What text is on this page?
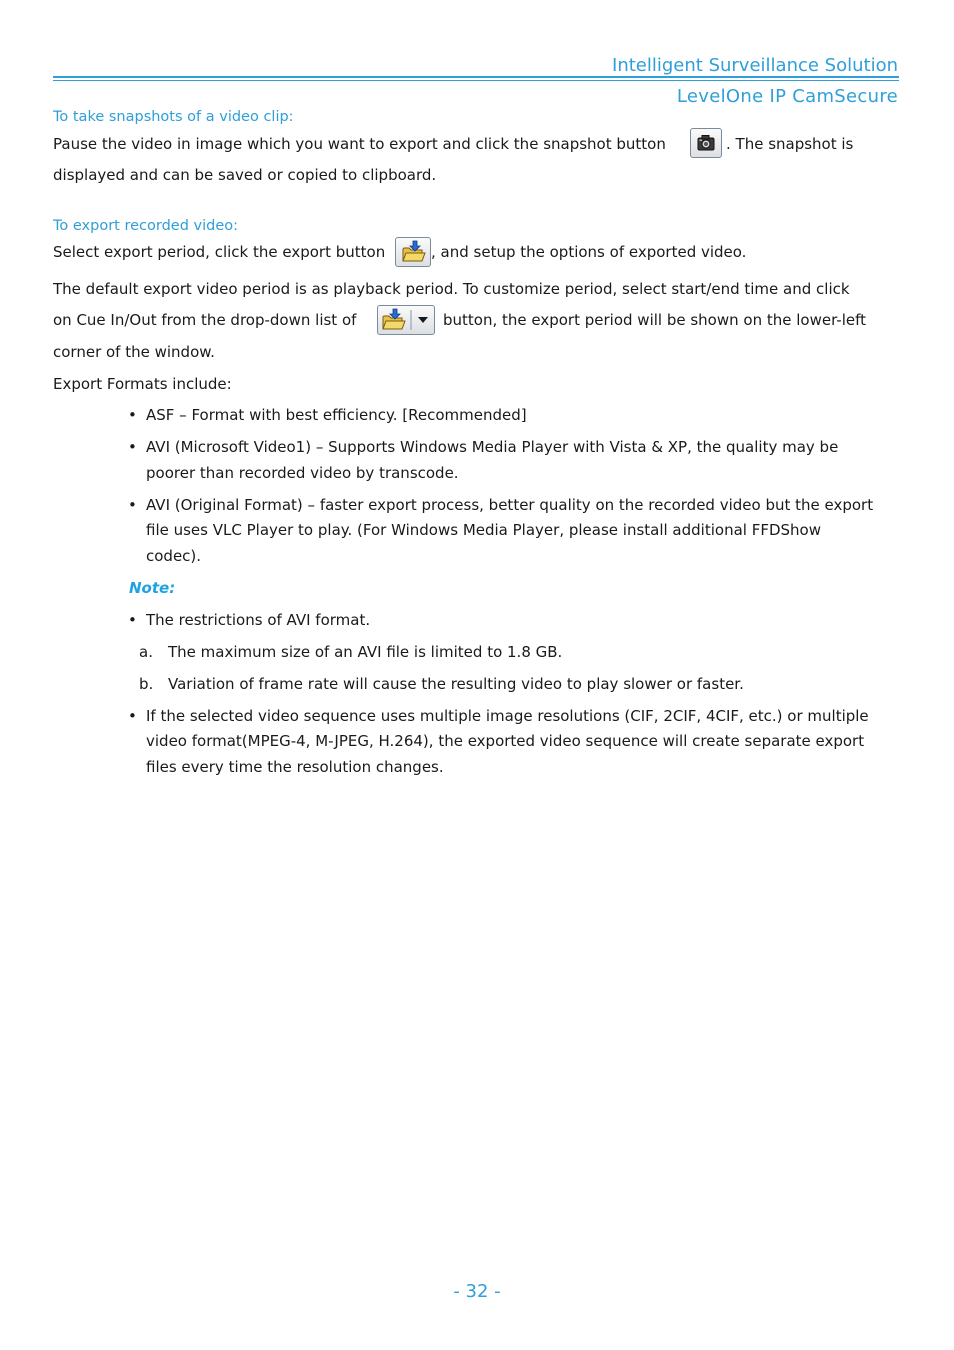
Intelligent Surveillance Solution
LevelOne IP CamSecure
To take snapshots of a video clip:
Pause the video in image which you want to export and click the snapshot button	. The snapshot is
displayed and can be saved or copied to clipboard.
To export recorded video:
Select export period, click the export button	, and setup the options of exported video.
The default export video period is as playback period. To customize period, select start/end time and click
on Cue In/Out from the drop-down list of	button, the export period will be shown on the lower-left
corner of the window.
Export Formats include:
• ASF – Format with best efficiency. [Recommended]
• AVI (Microsoft Video1) – Supports Windows Media Player with Vista & XP, the quality may be
poorer than recorded video by transcode.
• AVI (Original Format) – faster export process, better quality on the recorded video but the export
file uses VLC Player to play. (For Windows Media Player, please install additional FFDShow
codec).
Note:
• The restrictions of AVI format.
a. The maximum size of an AVI file is limited to 1.8 GB.
b. Variation of frame rate will cause the resulting video to play slower or faster.
• If the selected video sequence uses multiple image resolutions (CIF, 2CIF, 4CIF, etc.) or multiple
video format(MPEG-4, M-JPEG, H.264), the exported video sequence will create separate export
files every time the resolution changes.
- 32 -
